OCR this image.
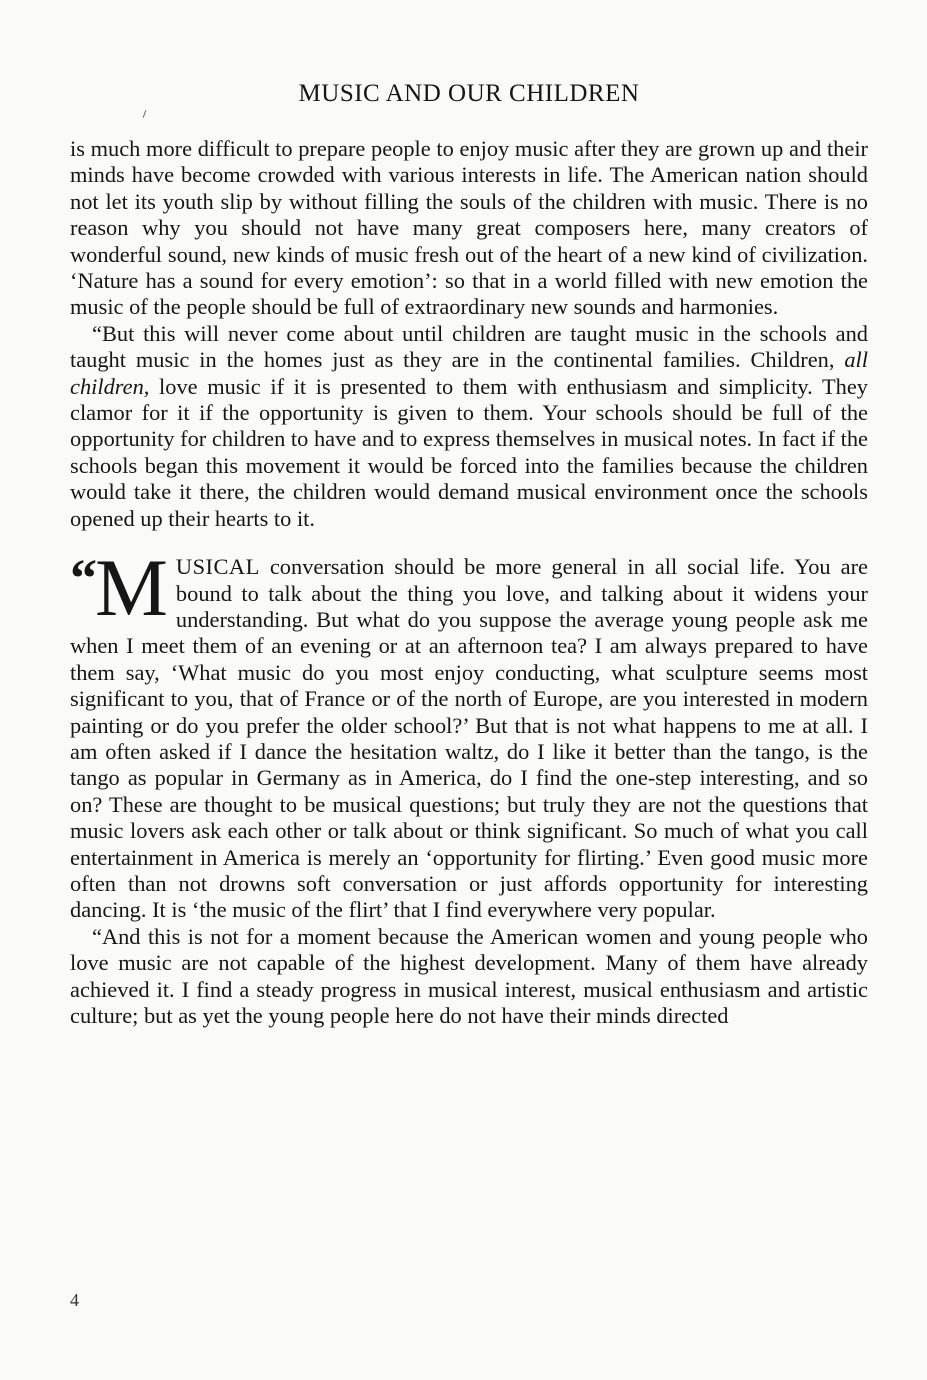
MUSIC AND OUR CHILDREN

is much more difficult to prepare people to enjoy music after they are grown up and their minds have become crowded with various interests in life. The American nation should not let its youth slip by without filling the souls of the children with music. There is no reason why you should not have many great composers here, many creators of wonderful sound, new kinds of music fresh out of the heart of a new kind of civilization. ‘Nature has a sound for every emotion’: so that in a world filled with new emotion the music of the people should be full of extraordinary new sounds and harmonies.

“But this will never come about until children are taught music in the schools and taught music in the homes just as they are in the continental families. Children, all children, love music if it is presented to them with enthusiasm and simplicity. They clamor for it if the opportunity is given to them. Your schools should be full of the opportunity for children to have and to express themselves in musical notes. In fact if the schools began this movement it would be forced into the families because the children would take it there, the children would demand musical environment once the schools opened up their hearts to it.

“ M USICAL conversation should be more general in all social life. You are bound to talk about the thing you love, and talking about it widens your understanding. But what do you suppose the average young people ask me when I meet them of an evening or at an afternoon tea? I am always prepared to have them say, ‘What music do you most enjoy conducting, what sculpture seems most significant to you, that of France or of the north of Europe, are you interested in modern painting or do you prefer the older school?’ But that is not what happens to me at all. I am often asked if I dance the hesitation waltz, do I like it better than the tango, is the tango as popular in Germany as in America, do I find the one-step interesting, and so on? These are thought to be musical questions; but truly they are not the questions that music lovers ask each other or talk about or think significant. So much of what you call entertainment in America is merely an ‘opportunity for flirting.’ Even good music more often than not drowns soft conversation or just affords opportunity for interesting dancing. It is ‘the music of the flirt’ that I find everywhere very popular.

“And this is not for a moment because the American women and young people who love music are not capable of the highest development. Many of them have already achieved it. I find a steady progress in musical interest, musical enthusiasm and artistic culture; but as yet the young people here do not have their minds directed

4
